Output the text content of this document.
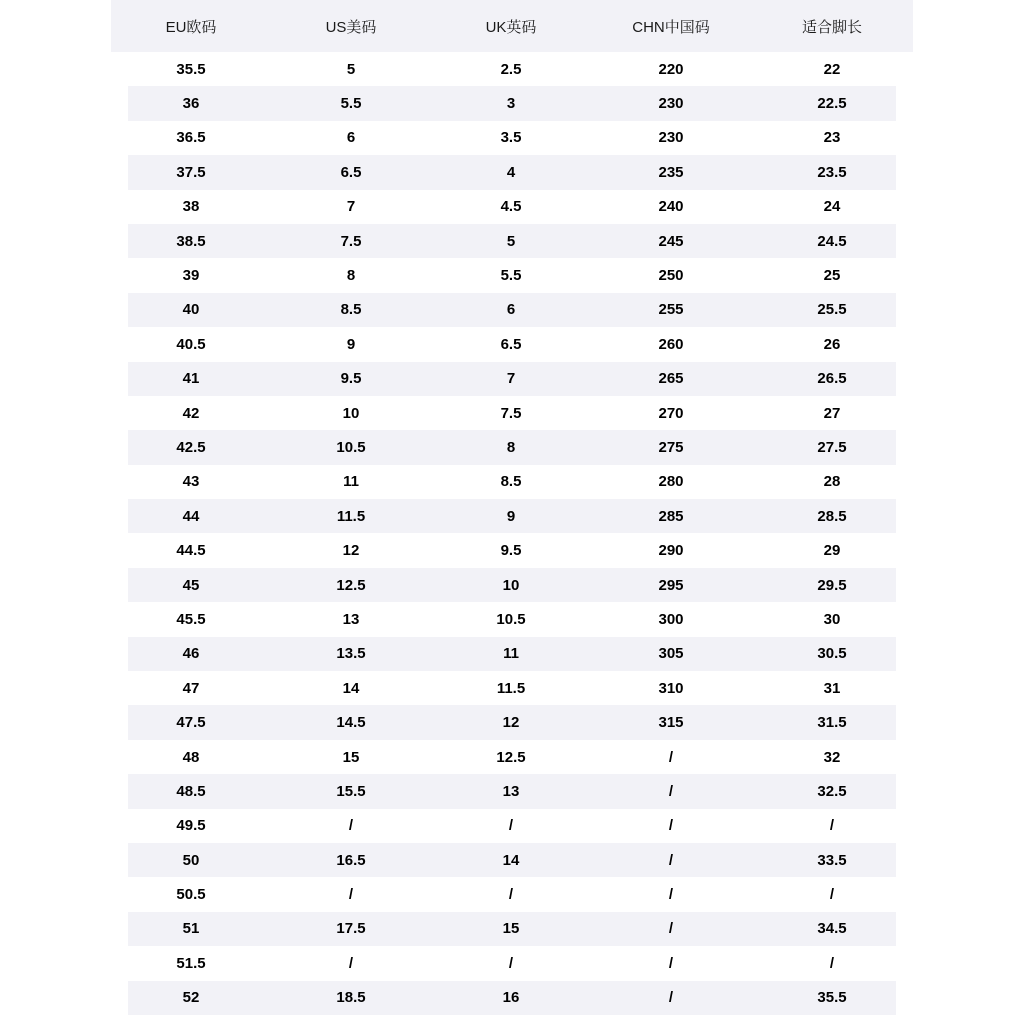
EU欧码	US美码	UK英码	CHN中国码	适合脚长
35.5	5	2.5	220	22
36	5.5	3	230	22.5
36.5	6	3.5	230	23
37.5	6.5	4	235	23.5
38	7	4.5	240	24
38.5	7.5	5	245	24.5
39	8	5.5	250	25
40	8.5	6	255	25.5
40.5	9	6.5	260	26
41	9.5	7	265	26.5
42	10	7.5	270	27
42.5	10.5	8	275	27.5
43	11	8.5	280	28
44	11.5	9	285	28.5
44.5	12	9.5	290	29
45	12.5	10	295	29.5
45.5	13	10.5	300	30
46	13.5	11	305	30.5
47	14	11.5	310	31
47.5	14.5	12	315	31.5
48	15	12.5	/	32
48.5	15.5	13	/	32.5
49.5	/	/	/	/
50	16.5	14	/	33.5
50.5	/	/	/	/
51	17.5	15	/	34.5
51.5	/	/	/	/
52	18.5	16	/	35.5
